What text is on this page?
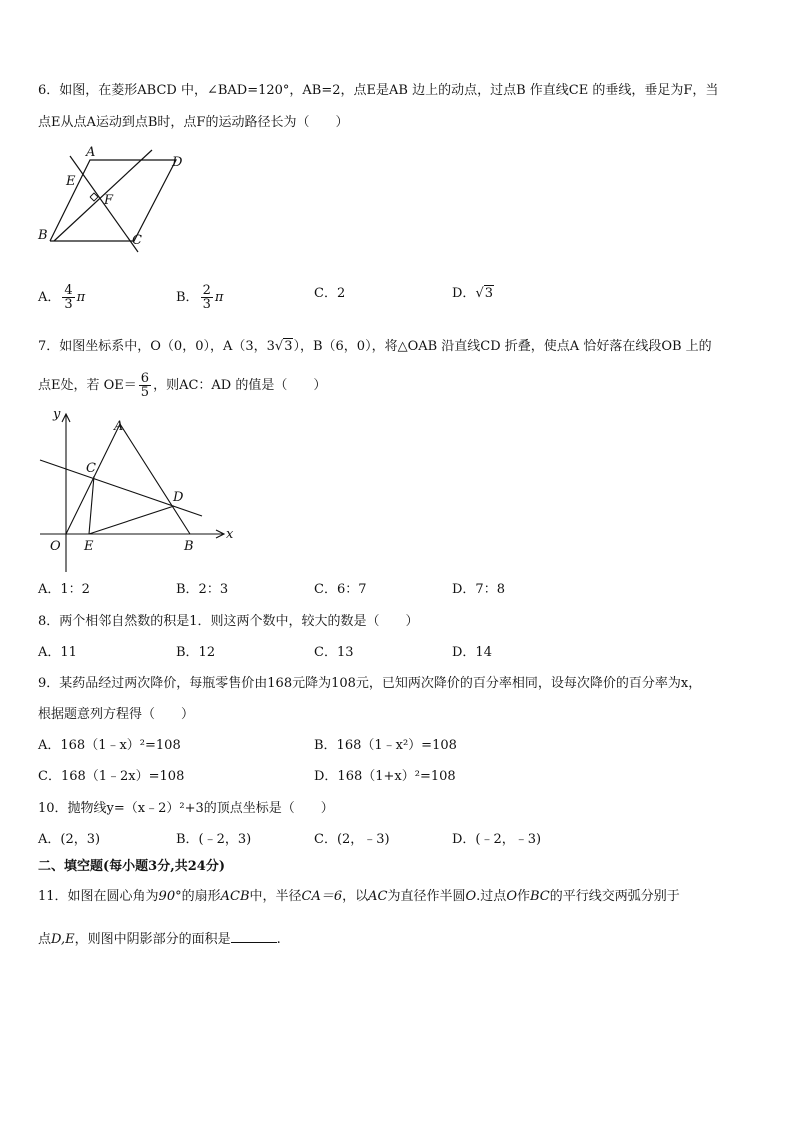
6．如图，在菱形ABCD 中，∠BAD=120°，AB=2，点E是AB 边上的动点，过点B 作直线CE 的垂线，垂足为F，当
点E从点A运动到点B时，点F的运动路径长为（　　）
A
D
E
F
B	C
A． $\frac{4}{3}$ π	B． $\frac{2}{3}$ π	C．2	D．√3
7．如图坐标系中，O（0，0），A（3，3√3），B（6，0），将△OAB 沿直线CD 折叠，使点A 恰好落在线段OB 上的
点E处，若 $OE= \frac{6}{5}$ ，则AC：AD 的值是（　　）
y
x
O
A
C
D
E	B
A．1：2	B．2：3	C．6：7	D．7：8
8．两个相邻自然数的积是1．则这两个数中，较大的数是（　　）
A．11	B．12	C．13	D．14
9．某药品经过两次降价，每瓶零售价由168元降为108元，已知两次降价的百分率相同，设每次降价的百分率为x，
根据题意列方程得（　　）
A．168（1﹣x）²=108	B．168（1﹣x²）=108
C．168（1﹣2x）=108	D．168（1+x）²=108
10．抛物线y=（x﹣2）²+3的顶点坐标是（　　）
A．(2，3)	B．(﹣2，3)	C．(2，﹣3)	D．(﹣2，﹣3)
二、填空题(每小题3分,共24分)
11．如图在圆心角为90°的扇形ACB中，半径CA＝6，以AC为直径作半圆O.过点O作BC的平行线交两弧分别于
点D,E，则图中阴影部分的面积是	.
